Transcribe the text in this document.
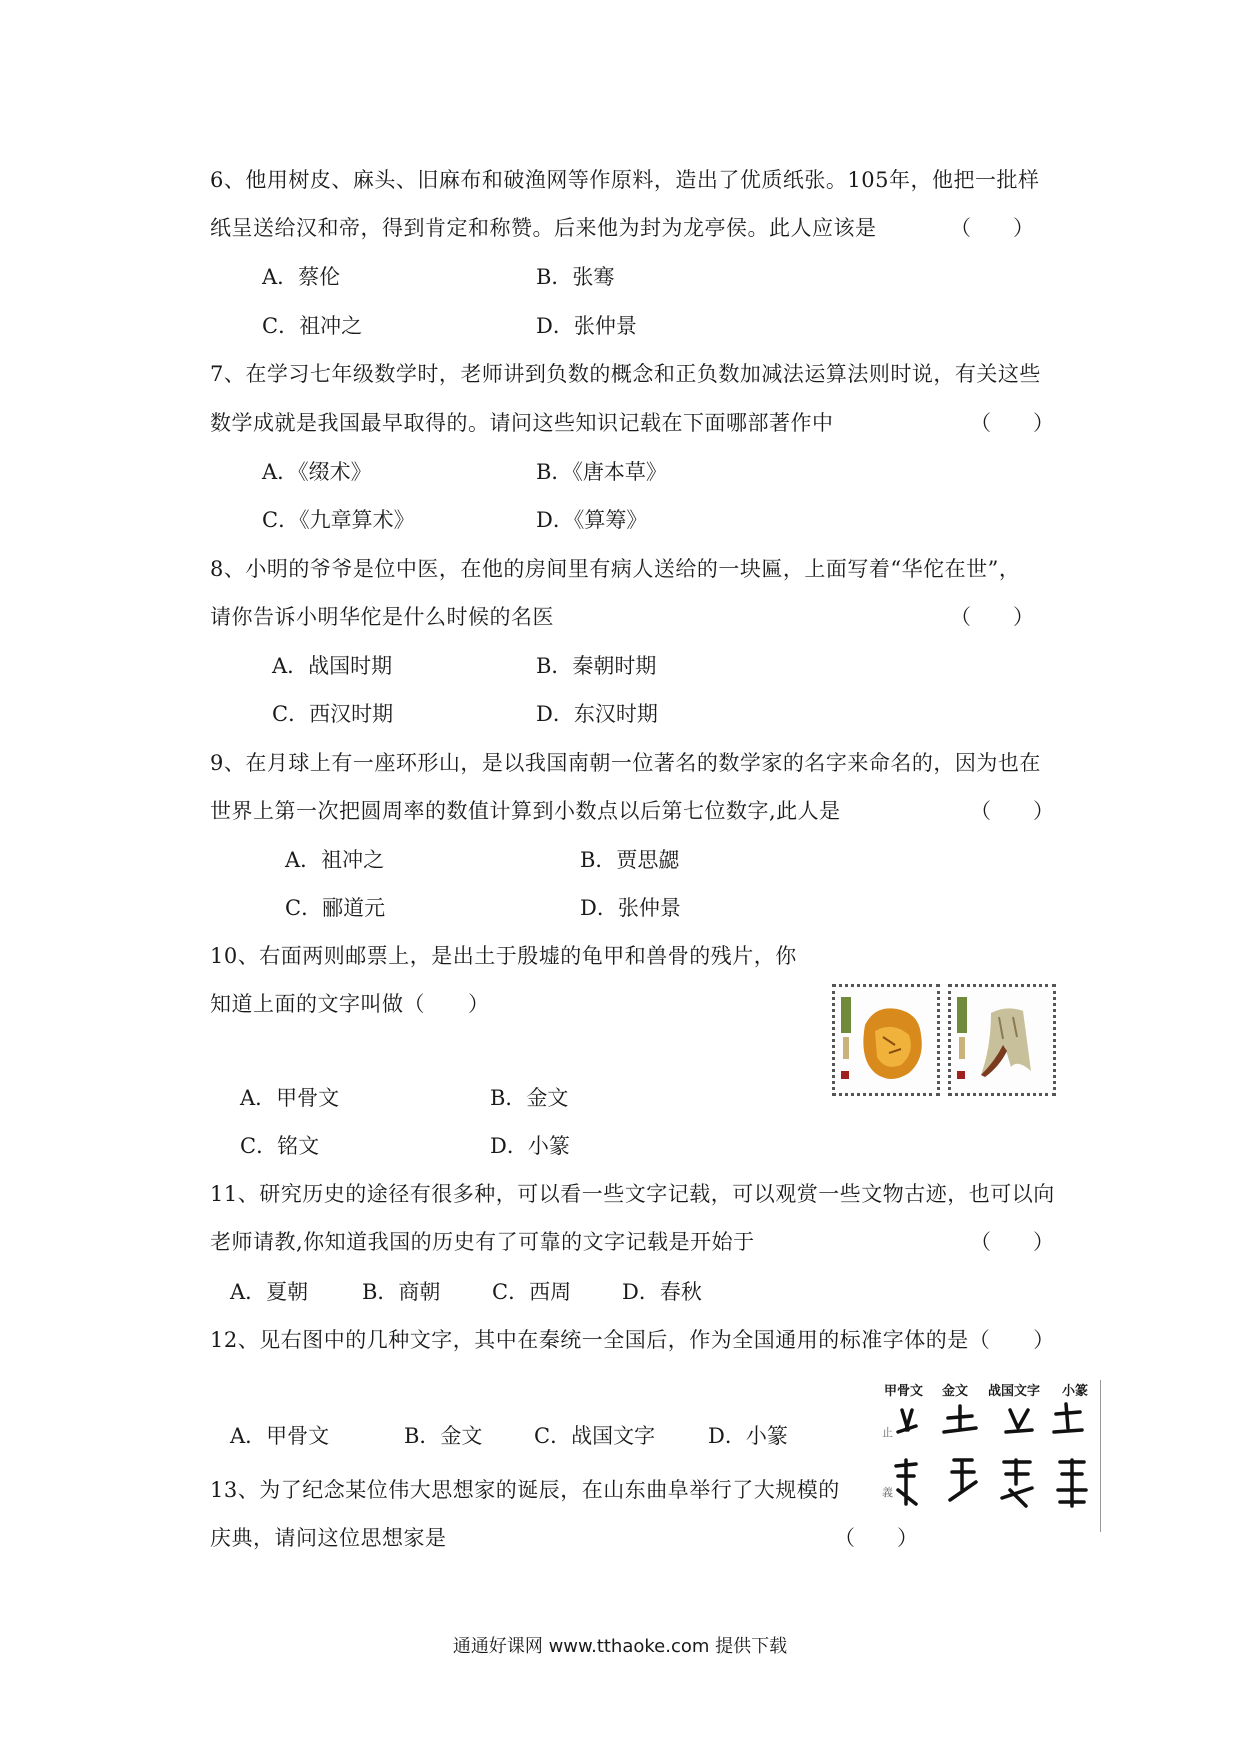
6、他用树皮、麻头、旧麻布和破渔网等作原料，造出了优质纸张。105年，他把一批样
纸呈送给汉和帝，得到肯定和称赞。后来他为封为龙亭侯。此人应该是	（　　）
A．蔡伦	B．张骞
C．祖冲之	D．张仲景
7、在学习七年级数学时，老师讲到负数的概念和正负数加减法运算法则时说，有关这些
数学成就是我国最早取得的。请问这些知识记载在下面哪部著作中	（　　）
A．《缀术》	B．《唐本草》
C．《九章算术》	D．《算筹》
8、小明的爷爷是位中医，在他的房间里有病人送给的一块匾，上面写着“华佗在世”，
请你告诉小明华佗是什么时候的名医	（　　）
A．战国时期	B．秦朝时期
C．西汉时期	D．东汉时期
9、在月球上有一座环形山，是以我国南朝一位著名的数学家的名字来命名的，因为也在
世界上第一次把圆周率的数值计算到小数点以后第七位数字,此人是	（　　）
A．祖冲之	B．贾思勰
C．郦道元	D．张仲景
10、右面两则邮票上，是出土于殷墟的龟甲和兽骨的残片，你
知道上面的文字叫做（　　）
A．甲骨文	B．金文
C．铭文	D．小篆
11、研究历史的途径有很多种，可以看一些文字记载，可以观赏一些文物古迹，也可以向
老师请教,你知道我国的历史有了可靠的文字记载是开始于	（　　）
A．夏朝	B．商朝 C．西周 D．春秋
12、见右图中的几种文字，其中在秦统一全国后，作为全国通用的标准字体的是（　　）
A．甲骨文	B．金文 C．战国文字	D．小篆
甲骨文 金文 战国文字 小篆
止
義
13、为了纪念某位伟大思想家的诞辰，在山东曲阜举行了大规模的
庆典，请问这位思想家是	（　　）
通通好课网 www.tthaoke.com 提供下载
